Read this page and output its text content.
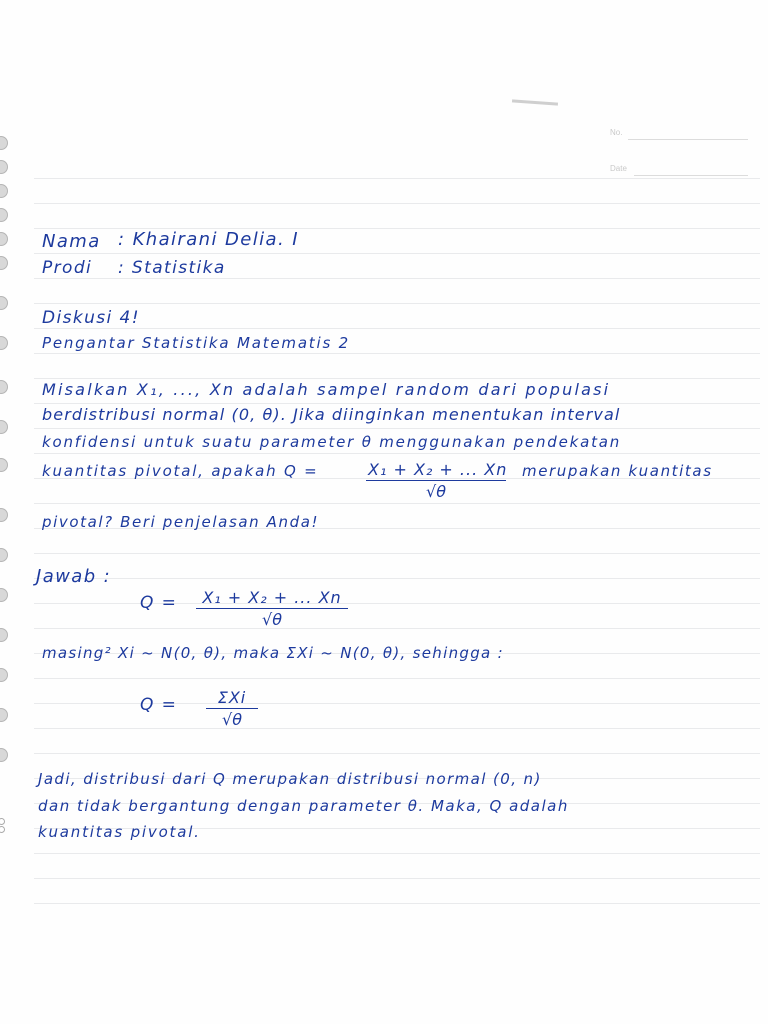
No.
Date
Nama : Khairani Delia. I
Prodi : Statistika
Diskusi 4!
Pengantar Statistika Matematis 2
Misalkan X₁, ..., Xn adalah sampel random dari populasi
berdistribusi normal (0, θ). Jika diinginkan menentukan interval
konfidensi untuk suatu parameter θ menggunakan pendekatan
kuantitas pivotal, apakah Q =	$\frac{\text{X₁ + X₂ + ... Xn}}{√\theta}$ merupakan kuantitas
pivotal? Beri penjelasan Anda!
Jawab :
$Q = \frac{\text{X₁ + X₂ + ... Xn}}{√\theta}$
masing² Xi ~ N(0, θ), maka ΣXi ~ N(0, θ), sehingga :
Q =	ΣXi
√θ
Jadi, distribusi dari Q merupakan distribusi normal (0, n)
dan tidak bergantung dengan parameter θ. Maka, Q adalah
kuantitas pivotal.
